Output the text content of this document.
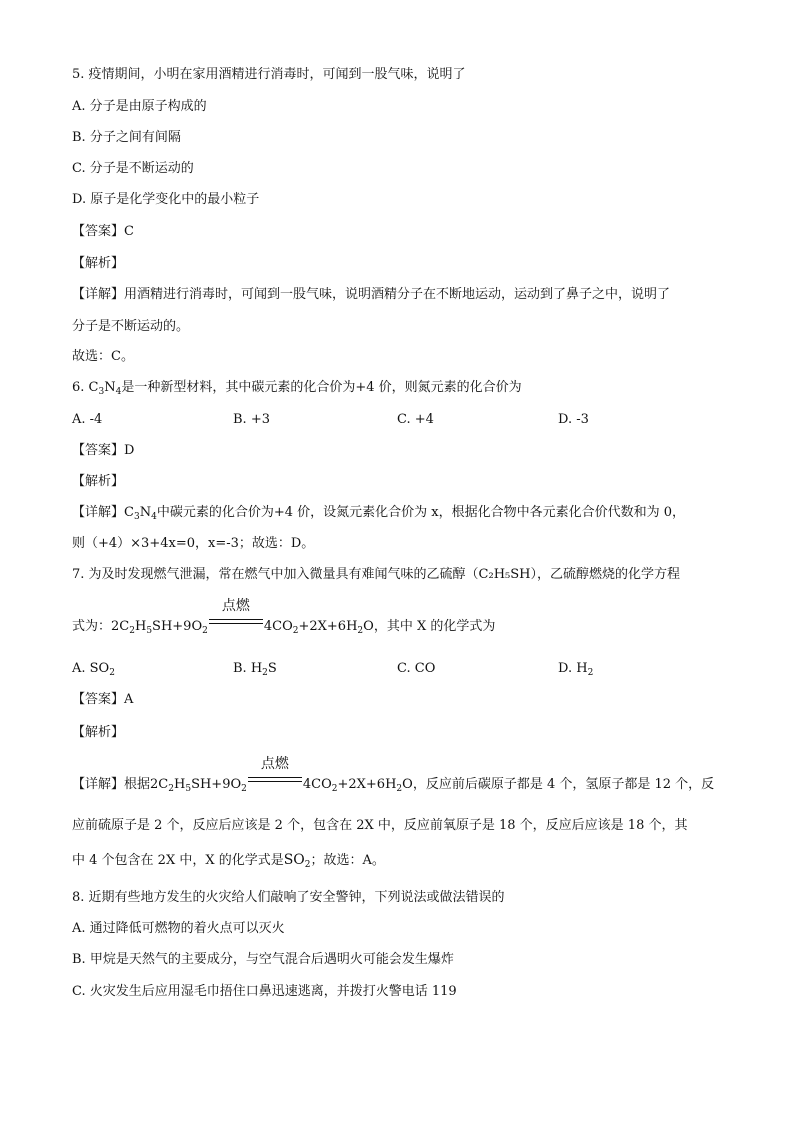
5. 疫情期间，小明在家用酒精进行消毒时，可闻到一股气味，说明了
A. 分子是由原子构成的
B. 分子之间有间隔
C. 分子是不断运动的
D. 原子是化学变化中的最小粒子
【答案】C
【解析】
【详解】用酒精进行消毒时，可闻到一股气味，说明酒精分子在不断地运动，运动到了鼻子之中，说明了
分子是不断运动的。
故选：C。
6. $C_3N_4$是一种新型材料，其中碳元素的化合价为+4 价，则氮元素的化合价为
A. -4	B. +3	C. +4	D. -3
【答案】D
【解析】
【详解】$C_3N_4$中碳元素的化合价为+4 价，设氮元素化合价为 x，根据化合物中各元素化合价代数和为 0，
则（+4）×3+4x=0，x=-3；故选：D。
7. 为及时发现燃气泄漏，常在燃气中加入微量具有难闻气味的乙硫醇（C₂H₅SH），乙硫醇燃烧的化学方程
式为：$2C_2H_5SH+9O_2$
点燃
$4CO_2+2X+6H_2O$，其中 X 的化学式为
A. $SO_2$	B. $H_2S$	C. CO	D. $H_2$
【答案】A
【解析】
【详解】根据$2C_2H_5SH+9O_2$
点燃
$4CO_2+2X+6H_2O$，反应前后碳原子都是 4 个，氢原子都是 12 个，反
应前硫原子是 2 个，反应后应该是 2 个，包含在 2X 中，反应前氧原子是 18 个，反应后应该是 18 个，其
中 4 个包含在 2X 中，X 的化学式是$SO_2$；故选：A。
8. 近期有些地方发生的火灾给人们敲响了安全警钟，下列说法或做法错误的
A. 通过降低可燃物的着火点可以灭火
B. 甲烷是天然气的主要成分，与空气混合后遇明火可能会发生爆炸
C. 火灾发生后应用湿毛巾捂住口鼻迅速逃离，并拨打火警电话 119
